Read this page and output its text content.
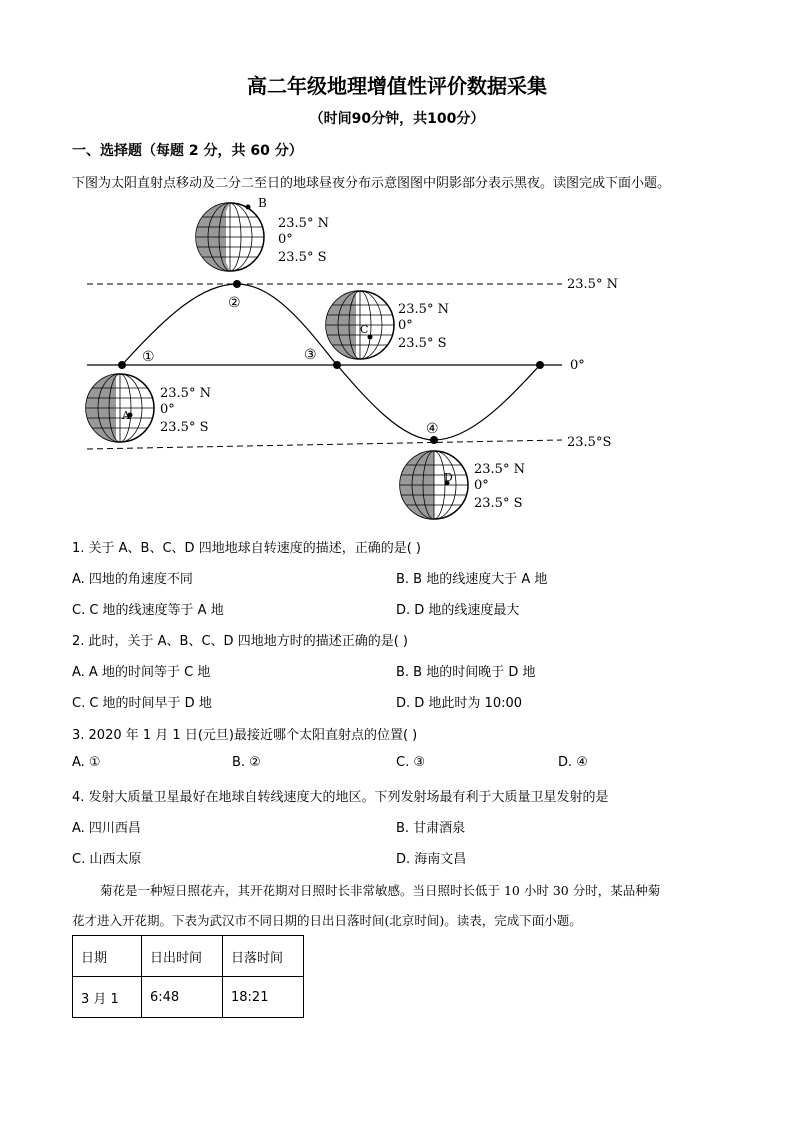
高二年级地理增值性评价数据采集
（时间90分钟，共100分）
一、选择题（每题 2 分，共 60 分）
下图为太阳直射点移动及二分二至日的地球昼夜分布示意图图中阴影部分表示黑夜。读图完成下面小题。
23.5° N
0°
23.5°S
①
②
③
④
B
23.5° N
0°
23.5° S
C
23.5° N
0°
23.5° S
A
23.5° N
0°
23.5° S
D
23.5° N
0°
23.5° S
1. 关于 A、B、C、D 四地地球自转速度的描述，正确的是( )
A. 四地的角速度不同	B. B 地的线速度大于 A 地
C. C 地的线速度等于 A 地	D. D 地的线速度最大
2. 此时，关于 A、B、C、D 四地地方时的描述正确的是( )
A. A 地的时间等于 C 地	B. B 地的时间晚于 D 地
C. C 地的时间早于 D 地	D. D 地此时为 10:00
3. 2020 年 1 月 1 日(元旦)最接近哪个太阳直射点的位置( )
A. ①	B. ②	C. ③	D. ④
4. 发射大质量卫星最好在地球自转线速度大的地区。下列发射场最有利于大质量卫星发射的是
A. 四川西昌	B. 甘肃酒泉
C. 山西太原	D. 海南文昌
菊花是一种短日照花卉，其开花期对日照时长非常敏感。当日照时长低于 10 小时 30 分时，某品种菊
花才进入开花期。下表为武汉市不同日期的日出日落时间(北京时间)。读表，完成下面小题。
日期	日出时间	日落时间
3 月 1	6:48	18:21
